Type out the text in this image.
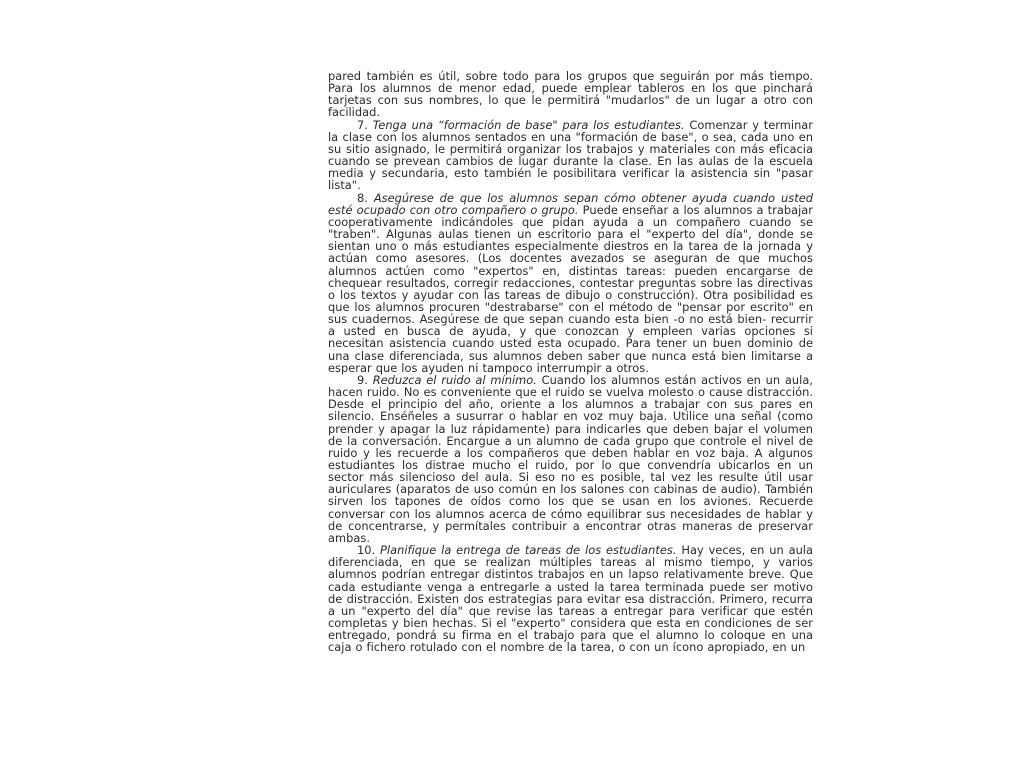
pared también es útil, sobre todo para los grupos que seguirán por más tiempo. Para los alumnos de menor edad, puede emplear tableros en los que pinchará tarjetas con sus nombres, lo que le permitirá "mudarlos" de un lugar a otro con facilidad.

7. Tenga una “formación de base" para los estudiantes. Comenzar y terminar la clase con los alumnos sentados en una "formación de base", o sea, cada uno en su sitio asignado, le permitirá organizar los trabajos y materiales con más eficacia cuando se prevean cambios de lugar durante la clase. En las aulas de la escuela media y secundaria, esto también le posibilitara verificar la asistencia sin "pasar lista".

8. Asegúrese de que los alumnos sepan cómo obtener ayuda cuando usted esté ocupado con otro compañero o grupo. Puede enseñar a los alumnos a trabajar cooperativamente indicándoles que pidan ayuda a un compañero cuando se "traben". Algunas aulas tienen un escritorio para el "experto del día", donde se sientan uno o más estudiantes especialmente diestros en la tarea de la jornada y actúan como asesores. (Los docentes avezados se aseguran de que muchos alumnos actúen como "expertos" en, distintas tareas: pueden encargarse de chequear resultados, corregir redacciones, contestar preguntas sobre las directivas o los textos y ayudar con las tareas de dibujo o construcción). Otra posibilidad es que los alumnos procuren "destrabarse" con el método de "pensar por escrito" en sus cuadernos. Asegúrese de que sepan cuando esta bien -o no está bien- recurrir a usted en busca de ayuda, y que conozcan y empleen varias opciones si necesitan asistencia cuando usted esta ocupado. Para tener un buen dominio de una clase diferenciada, sus alumnos deben saber que nunca está bien limitarse a esperar que los ayuden ni tampoco interrumpir a otros.

9. Reduzca el ruido al mínimo. Cuando los alumnos están activos en un aula, hacen ruido. No es conveniente que el ruido se vuelva molesto o cause distracción. Desde el principio del año, oriente a los alumnos a trabajar con sus pares en silencio. Enséñeles a susurrar o hablar en voz muy baja. Utilice una señal (como prender y apagar la luz rápidamente) para indicarles que deben bajar el volumen de la conversación. Encargue a un alumno de cada grupo que controle el nivel de ruido y les recuerde a los compañeros que deben hablar en voz baja. A algunos estudiantes los distrae mucho el ruido, por lo que convendría ubicarlos en un sector más silencioso del aula. Si eso no es posible, tal vez les resulte útil usar auriculares (aparatos de uso común en los salones con cabinas de audio). También sirven los tapones de oídos como los que se usan en los aviones. Recuerde conversar con los alumnos acerca de cómo equilibrar sus necesidades de hablar y de concentrarse, y permítales contribuir a encontrar otras maneras de preservar ambas.

10. Planifique la entrega de tareas de los estudiantes. Hay veces, en un aula diferenciada, en que se realizan múltiples tareas al mismo tiempo, y varios alumnos podrían entregar distintos trabajos en un lapso relativamente breve. Que cada estudiante venga a entregarle a usted la tarea terminada puede ser motivo de distracción. Existen dos estrategias para evitar esa distracción. Primero, recurra a un "experto del día" que revise las tareas a entregar para verificar que estén completas y bien hechas. Si el "experto" considera que esta en condiciones de ser entregado, pondrá su firma en el trabajo para que el alumno lo coloque en una caja o fichero rotulado con el nombre de la tarea, o con un ícono apropiado, en un
